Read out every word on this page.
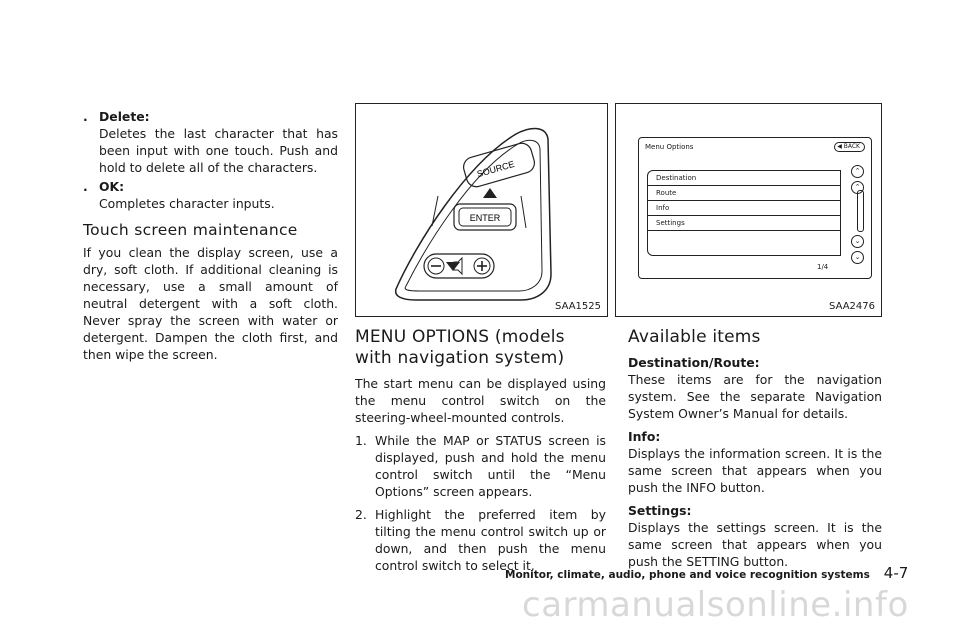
. Delete:

Deletes the last character that has been input with one touch. Push and hold to delete all of the characters.

. OK:

Completes character inputs.

Touch screen maintenance

If you clean the display screen, use a dry, soft cloth. If additional cleaning is necessary, use a small amount of neutral detergent with a soft cloth. Never spray the screen with water or detergent. Dampen the cloth first, and then wipe the screen.

SOURCE
ENTER
SAA1525
Menu Options	◀ BACK
Destination
Route
Info
Settings
⌃
⌃
⌄
⌄
1/4
SAA2476
MENU OPTIONS (models with navigation system)

The start menu can be displayed using the menu control switch on the steering-wheel-mounted controls.

1. While the MAP or STATUS screen is displayed, push and hold the menu control switch until the “Menu Options” screen appears.
2. Highlight the preferred item by tilting the menu control switch up or down, and then push the menu control switch to select it.
Available items

Destination/Route:

These items are for the navigation system. See the separate Navigation System Owner’s Manual for details.

Info:

Displays the information screen. It is the same screen that appears when you push the INFO button.

Settings:

Displays the settings screen. It is the same screen that appears when you push the SETTING button.

Monitor, climate, audio, phone and voice recognition systems 4-7
carmanualsonline.info
